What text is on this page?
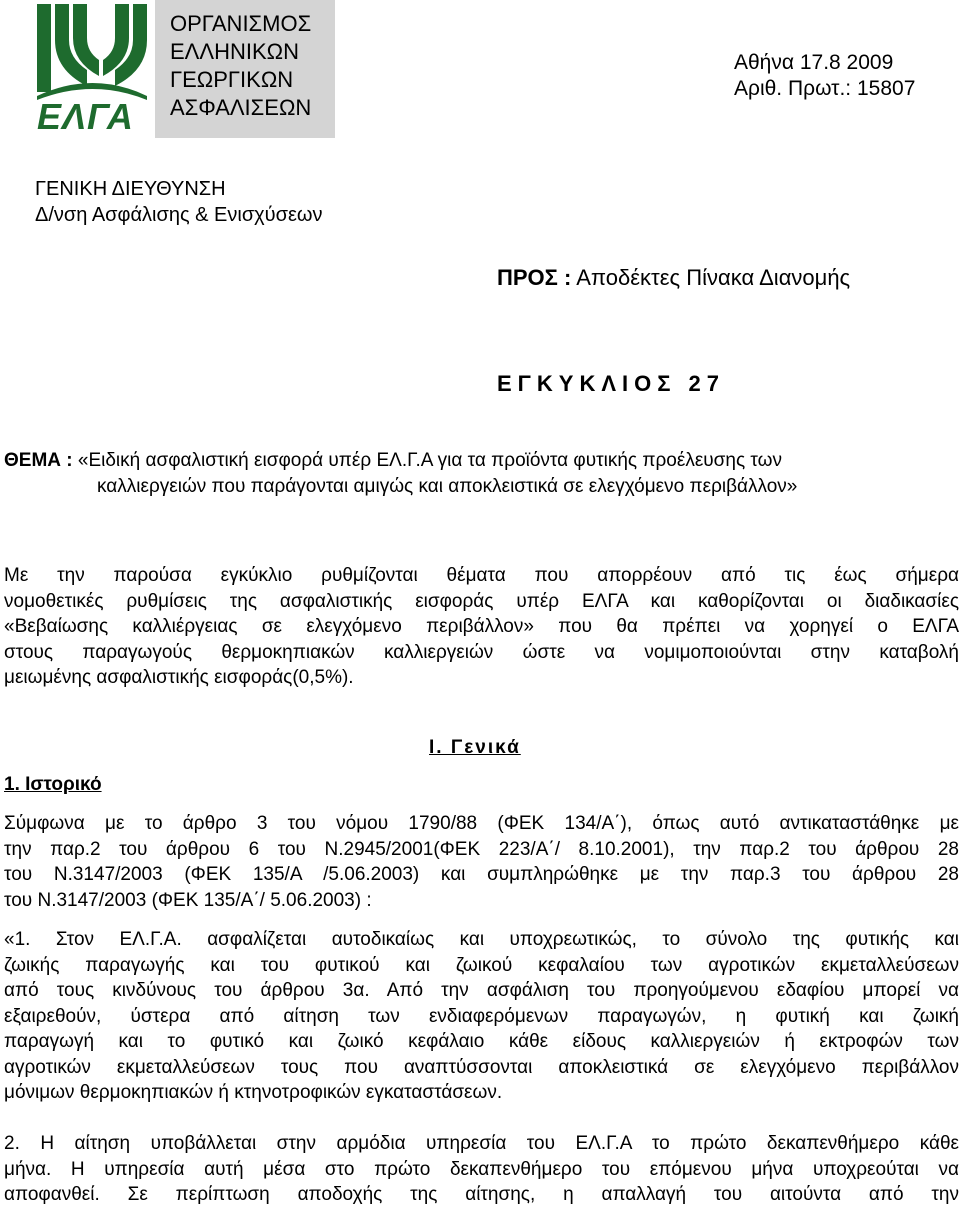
ΕΛΓΑ
ΟΡΓΑΝΙΣΜΟΣ
ΕΛΛΗΝΙΚΩΝ
ΓΕΩΡΓΙΚΩΝ
ΑΣΦΑΛΙΣΕΩΝ
Αθήνα 17.8 2009
Αριθ. Πρωτ.: 15807
ΓΕΝΙΚΗ ΔΙΕΥΘΥΝΣΗ
Δ/νση Ασφάλισης & Ενισχύσεων
ΠΡΟΣ : Αποδέκτες Πίνακα Διανομής
ΕΓΚΥΚΛΙΟΣ 27
ΘΕΜΑ : «Ειδική ασφαλιστική εισφορά υπέρ ΕΛ.Γ.Α για τα προϊόντα φυτικής προέλευσης των
καλλιεργειών που παράγονται αμιγώς και αποκλειστικά σε ελεγχόμενο περιβάλλον»
Με την παρούσα εγκύκλιο ρυθμίζονται θέματα που απορρέουν από τις έως σήμερα
νομοθετικές ρυθμίσεις της ασφαλιστικής εισφοράς υπέρ ΕΛΓΑ και καθορίζονται οι διαδικασίες
«Βεβαίωσης καλλιέργειας σε ελεγχόμενο περιβάλλον» που θα πρέπει να χορηγεί ο ΕΛΓΑ
στους παραγωγούς θερμοκηπιακών καλλιεργειών ώστε να νομιμοποιούνται στην καταβολή
μειωμένης ασφαλιστικής εισφοράς(0,5%).
Ι. Γενικά
1. Ιστορικό
Σύμφωνα με το άρθρο 3 του νόμου 1790/88 (ΦΕΚ 134/Α΄), όπως αυτό αντικαταστάθηκε με
την παρ.2 του άρθρου 6 του Ν.2945/2001(ΦΕΚ 223/Α΄/ 8.10.2001), την παρ.2 του άρθρου 28
του Ν.3147/2003 (ΦΕΚ 135/Α /5.06.2003) και συμπληρώθηκε με την παρ.3 του άρθρου 28
του Ν.3147/2003 (ΦΕΚ 135/Α΄/ 5.06.2003) :
«1. Στον ΕΛ.Γ.Α. ασφαλίζεται αυτοδικαίως και υποχρεωτικώς, το σύνολο της φυτικής και
ζωικής παραγωγής και του φυτικού και ζωικού κεφαλαίου των αγροτικών εκμεταλλεύσεων
από τους κινδύνους του άρθρου 3α. Από την ασφάλιση του προηγούμενου εδαφίου μπορεί να
εξαιρεθούν, ύστερα από αίτηση των ενδιαφερόμενων παραγωγών, η φυτική και ζωική
παραγωγή και το φυτικό και ζωικό κεφάλαιο κάθε είδους καλλιεργειών ή εκτροφών των
αγροτικών εκμεταλλεύσεων τους που αναπτύσσονται αποκλειστικά σε ελεγχόμενο περιβάλλον
μόνιμων θερμοκηπιακών ή κτηνοτροφικών εγκαταστάσεων.
2. Η αίτηση υποβάλλεται στην αρμόδια υπηρεσία του ΕΛ.Γ.Α το πρώτο δεκαπενθήμερο κάθε
μήνα. Η υπηρεσία αυτή μέσα στο πρώτο δεκαπενθήμερο του επόμενου μήνα υποχρεούται να
αποφανθεί. Σε περίπτωση αποδοχής της αίτησης, η απαλλαγή του αιτούντα από την
